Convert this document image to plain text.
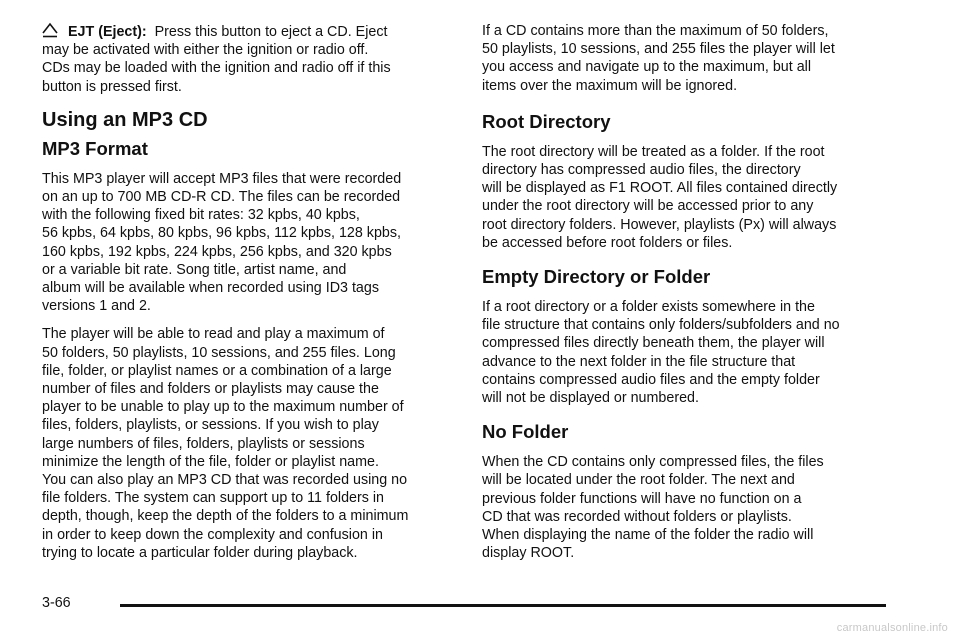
EJT (Eject): Press this button to eject a CD. Eject
may be activated with either the ignition or radio off.
CDs may be loaded with the ignition and radio off if this
button is pressed first.

Using an MP3 CD
MP3 Format

This MP3 player will accept MP3 files that were recorded
on an up to 700 MB CD-R CD. The files can be recorded
with the following fixed bit rates: 32 kpbs, 40 kpbs,
56 kpbs, 64 kpbs, 80 kpbs, 96 kpbs, 112 kpbs, 128 kpbs,
160 kpbs, 192 kpbs, 224 kpbs, 256 kpbs, and 320 kpbs
or a variable bit rate. Song title, artist name, and
album will be available when recorded using ID3 tags
versions 1 and 2.

The player will be able to read and play a maximum of
50 folders, 50 playlists, 10 sessions, and 255 files. Long
file, folder, or playlist names or a combination of a large
number of files and folders or playlists may cause the
player to be unable to play up to the maximum number of
files, folders, playlists, or sessions. If you wish to play
large numbers of files, folders, playlists or sessions
minimize the length of the file, folder or playlist name.
You can also play an MP3 CD that was recorded using no
file folders. The system can support up to 11 folders in
depth, though, keep the depth of the folders to a minimum
in order to keep down the complexity and confusion in
trying to locate a particular folder during playback.

If a CD contains more than the maximum of 50 folders,
50 playlists, 10 sessions, and 255 files the player will let
you access and navigate up to the maximum, but all
items over the maximum will be ignored.

Root Directory

The root directory will be treated as a folder. If the root
directory has compressed audio files, the directory
will be displayed as F1 ROOT. All files contained directly
under the root directory will be accessed prior to any
root directory folders. However, playlists (Px) will always
be accessed before root folders or files.

Empty Directory or Folder

If a root directory or a folder exists somewhere in the
file structure that contains only folders/subfolders and no
compressed files directly beneath them, the player will
advance to the next folder in the file structure that
contains compressed audio files and the empty folder
will not be displayed or numbered.

No Folder

When the CD contains only compressed files, the files
will be located under the root folder. The next and
previous folder functions will have no function on a
CD that was recorded without folders or playlists.
When displaying the name of the folder the radio will
display ROOT.

3-66
carmanualsonline.info
